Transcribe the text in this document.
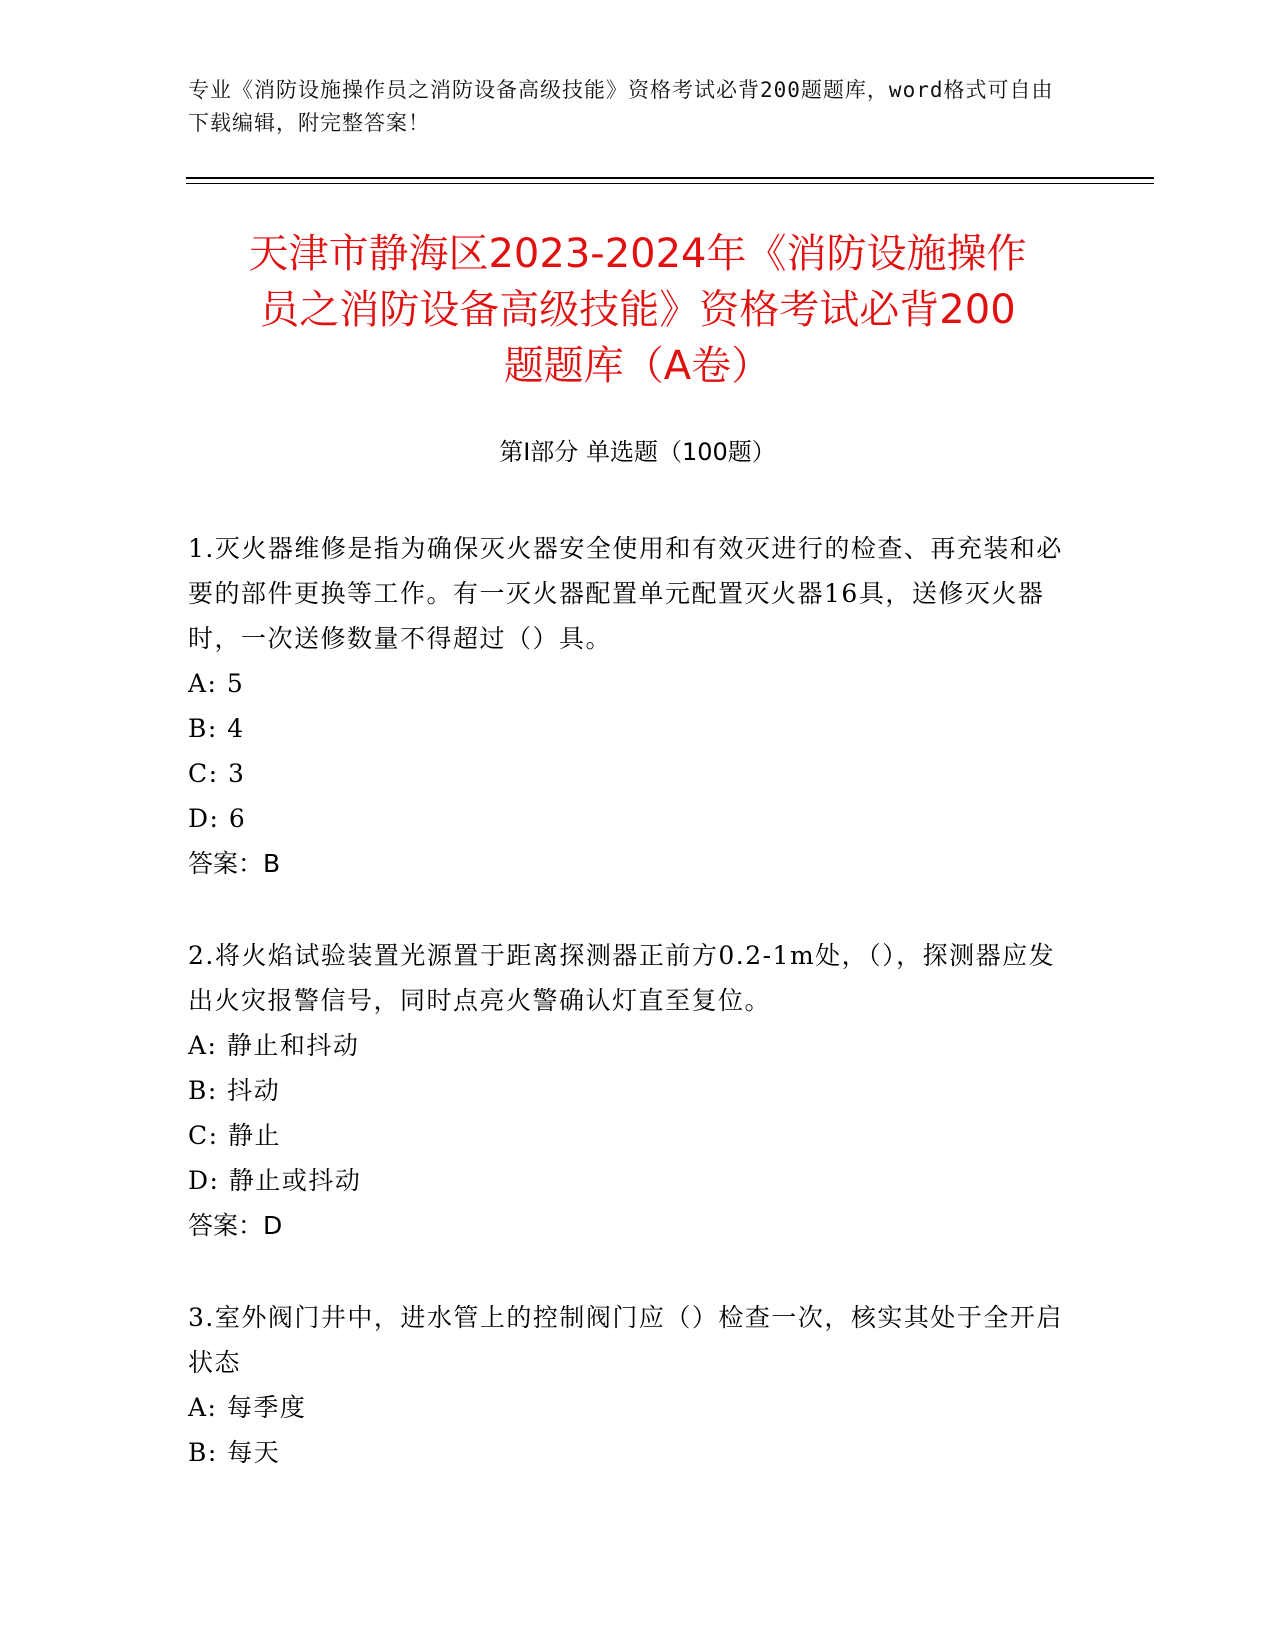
专业《消防设施操作员之消防设备高级技能》资格考试必背200题题库，word格式可自由下载编辑，附完整答案！
天津市静海区2023-2024年《消防设施操作
员之消防设备高级技能》资格考试必背200
题题库（A卷）
第Ⅰ部分 单选题（100题）

1.灭火器维修是指为确保灭火器安全使用和有效灭进行的检查、再充装和必要的部件更换等工作。有一灭火器配置单元配置灭火器16具，送修灭火器时，一次送修数量不得超过（）具。

A: 5

B: 4

C: 3

D: 6

答案：B

2.将火焰试验装置光源置于距离探测器正前方0.2-1m处，（），探测器应发出火灾报警信号，同时点亮火警确认灯直至复位。

A: 静止和抖动

B: 抖动

C: 静止

D: 静止或抖动

答案：D

3.室外阀门井中，进水管上的控制阀门应（）检查一次，核实其处于全开启状态

A: 每季度

B: 每天
